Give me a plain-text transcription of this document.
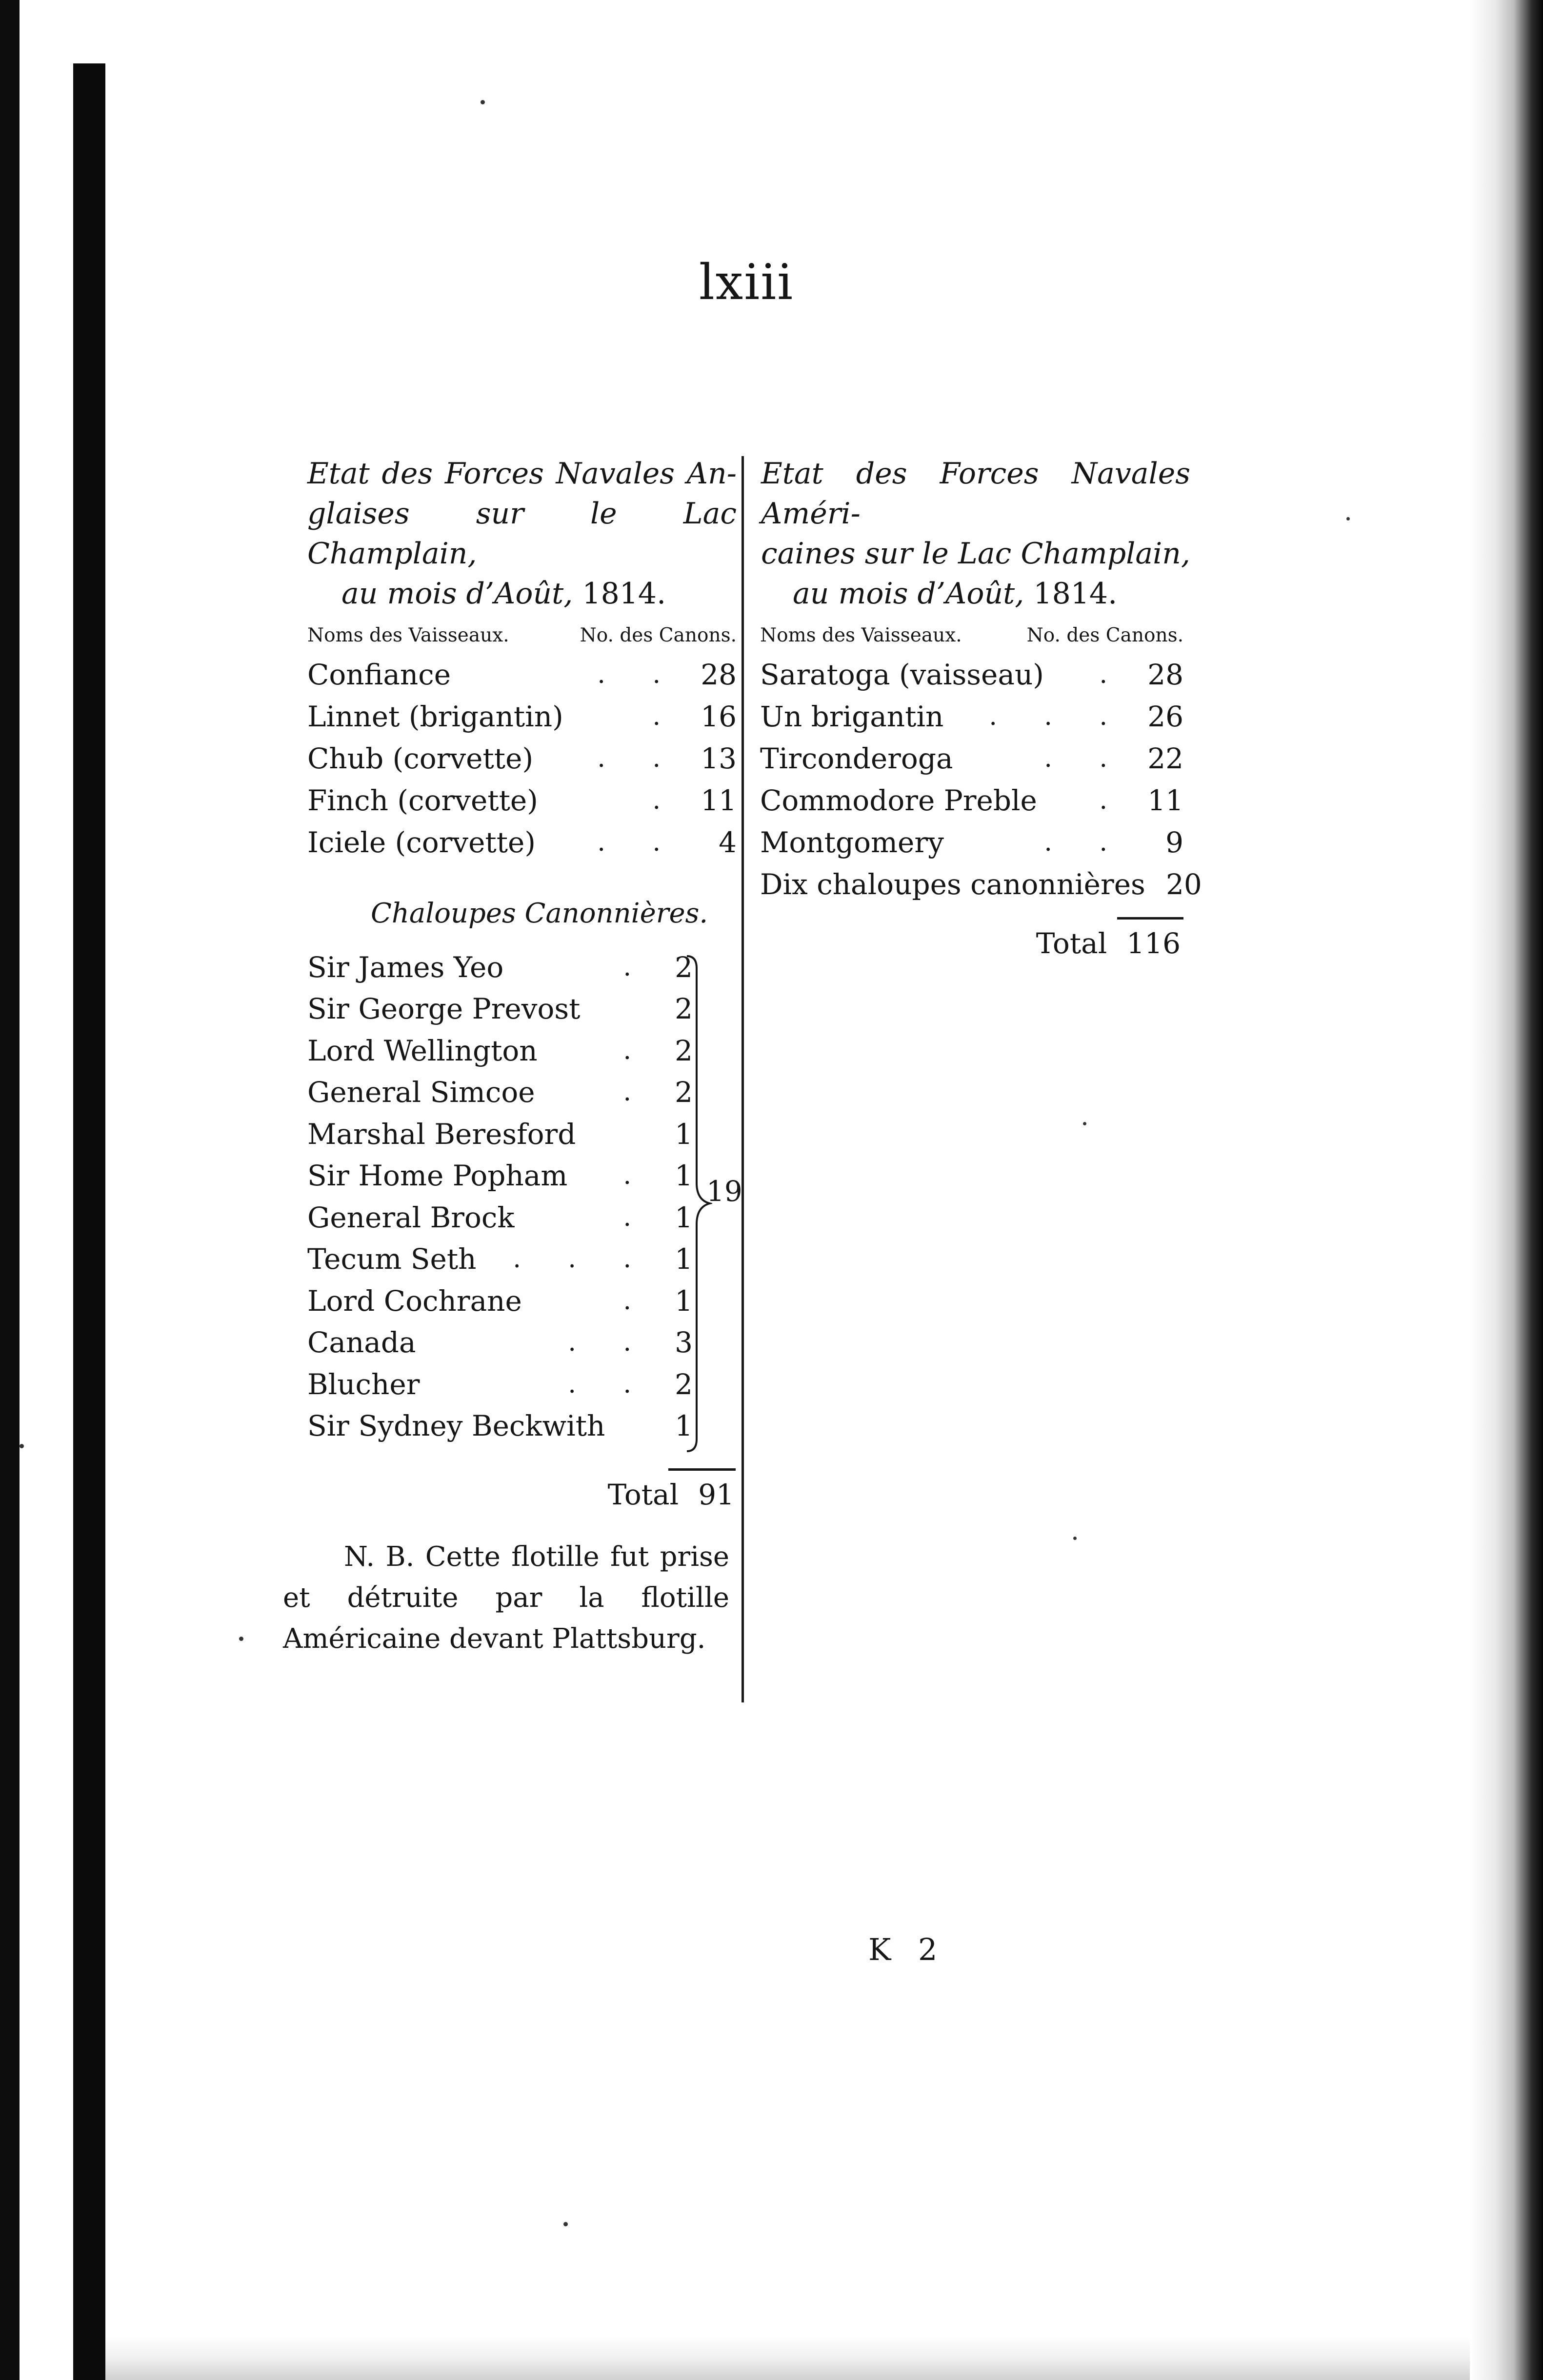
lxiii
Etat des Forces Navales An-
glaises sur le Lac Champlain,
au mois d’Août, 1814.
Noms des Vaisseaux.	No. des Canons.
Confiance	. . 28
Linnet (brigantin)	. 16
Chub (corvette)	. . 13
Finch (corvette)	. 11
Iciele (corvette)	. .	4
Chaloupes Canonnières.
Sir James Yeo	. 2
Sir George Prevost	2
Lord Wellington	. 2
General Simcoe	. 2
Marshal Beresford	1
Sir Home Popham	. 1
General Brock	. 1
Tecum Seth	. . . 1
Lord Cochrane	. 1
Canada	. . 3
Blucher	. . 2
Sir Sydney Beckwith 1
19
Total 91
N. B. Cette flotille fut prise et détruite par la flotille Américaine devant Plattsburg.
Etat des Forces Navales Améri-
caines sur le Lac Champlain,
au mois d’Août, 1814.
Noms des Vaisseaux.	No. des Canons.
Saratoga (vaisseau)	. 28
Un brigantin	. . . 26
Tirconderoga	. . 22
Commodore Preble	. 11
Montgomery	. .	9
Dix chaloupes canonnières 20
Total 116
K 2
